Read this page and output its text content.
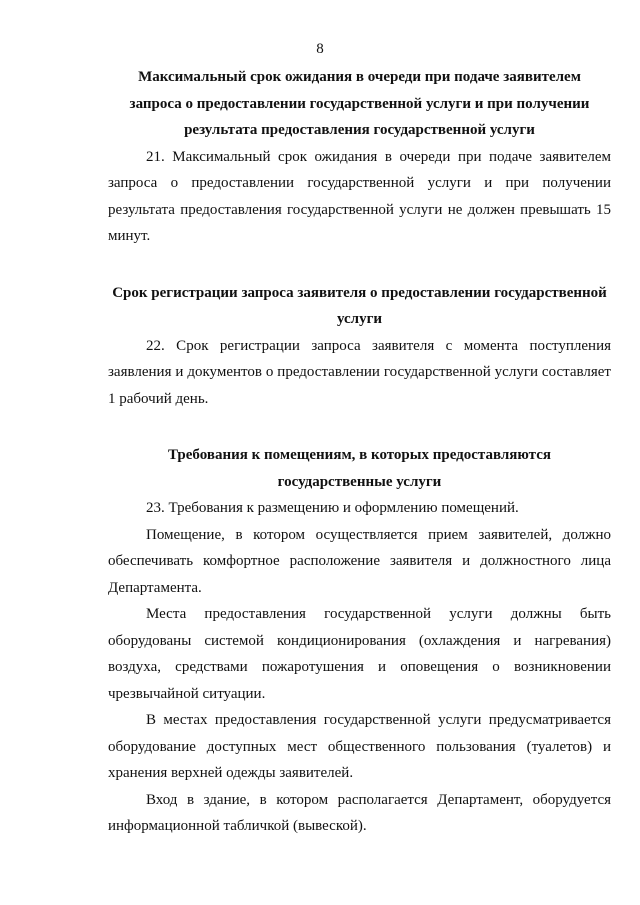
8
Максимальный срок ожидания в очереди при подаче заявителем
запроса о предоставлении государственной услуги и при получении
результата предоставления государственной услуги

21. Максимальный срок ожидания в очереди при подаче заявителем запроса о предоставлении государственной услуги и при получении результата предоставления государственной услуги не должен превышать 15 минут.

Срок регистрации запроса заявителя о предоставлении государственной
услуги

22. Срок регистрации запроса заявителя с момента поступления заявления и документов о предоставлении государственной услуги составляет 1 рабочий день.

Требования к помещениям, в которых предоставляются
государственные услуги

23. Требования к размещению и оформлению помещений.

Помещение, в котором осуществляется прием заявителей, должно обеспечивать комфортное расположение заявителя и должностного лица Департамента.

Места предоставления государственной услуги должны быть оборудованы системой кондиционирования (охлаждения и нагревания) воздуха, средствами пожаротушения и оповещения о возникновении чрезвычайной ситуации.

В местах предоставления государственной услуги предусматривается оборудование доступных мест общественного пользования (туалетов) и хранения верхней одежды заявителей.

Вход в здание, в котором располагается Департамент, оборудуется информационной табличкой (вывеской).
